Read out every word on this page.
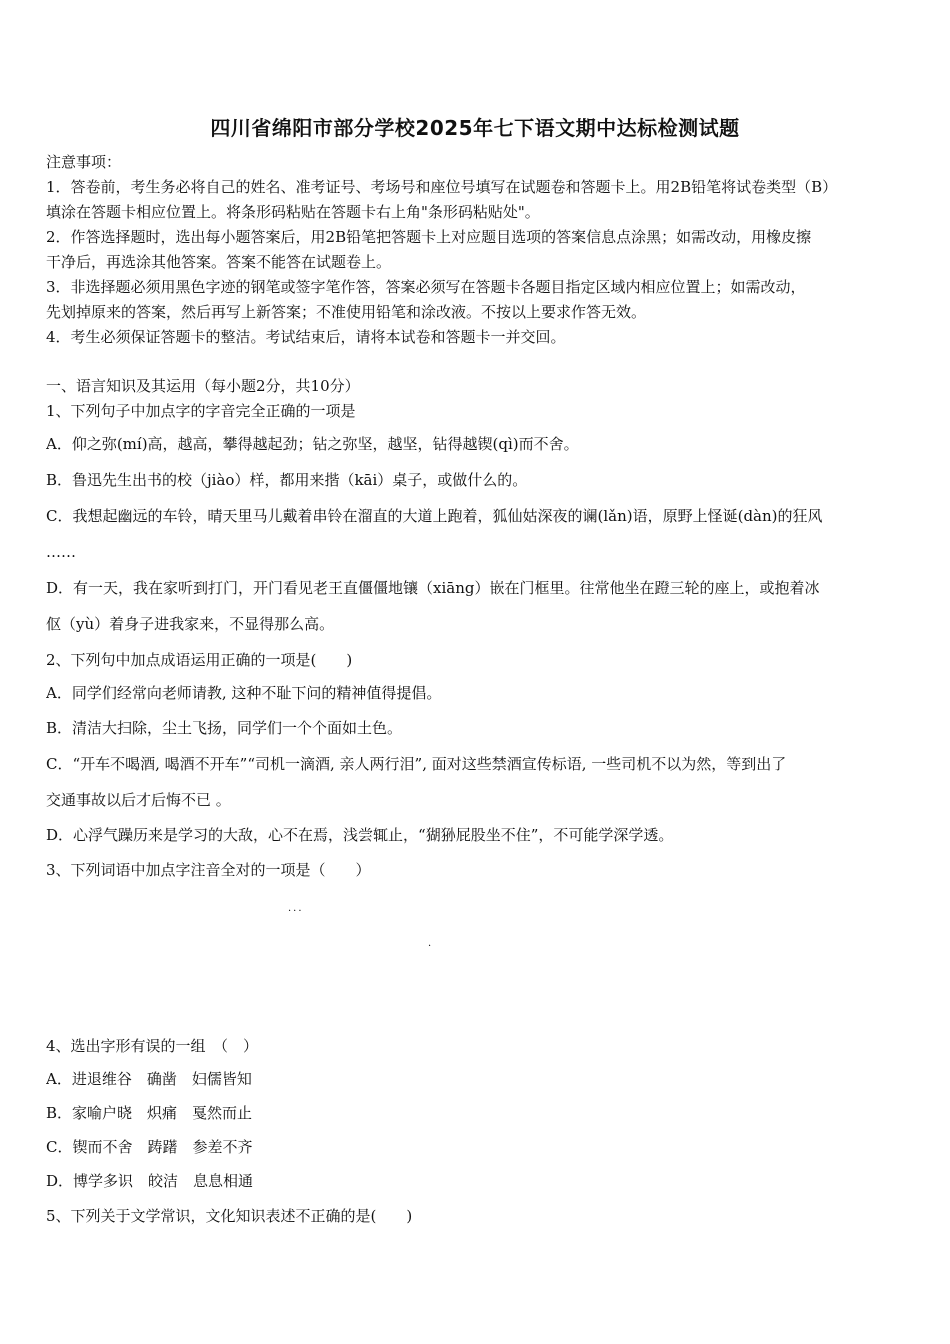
四川省绵阳市部分学校2025年七下语文期中达标检测试题
注意事项：
1．答卷前，考生务必将自己的姓名、准考证号、考场号和座位号填写在试题卷和答题卡上。用2B铅笔将试卷类型（B）
填涂在答题卡相应位置上。将条形码粘贴在答题卡右上角"条形码粘贴处"。
2．作答选择题时，选出每小题答案后，用2B铅笔把答题卡上对应题目选项的答案信息点涂黑；如需改动，用橡皮擦
干净后，再选涂其他答案。答案不能答在试题卷上。
3．非选择题必须用黑色字迹的钢笔或签字笔作答，答案必须写在答题卡各题目指定区域内相应位置上；如需改动，
先划掉原来的答案，然后再写上新答案；不准使用铅笔和涂改液。不按以上要求作答无效。
4．考生必须保证答题卡的整洁。考试结束后，请将本试卷和答题卡一并交回。
一、语言知识及其运用（每小题2分，共10分）
1、下列句子中加点字的字音完全正确的一项是
A．仰之弥(mí)高，越高，攀得越起劲；钻之弥坚，越坚，钻得越锲(qì)而不舍。
B．鲁迅先生出书的校（jiào）样，都用来揩（kāi）桌子，或做什么的。
C．我想起幽远的车铃，晴天里马儿戴着串铃在溜直的大道上跑着，狐仙姑深夜的谰(lǎn)语，原野上怪诞(dàn)的狂风
……
D．有一天，我在家听到打门，开门看见老王直僵僵地镶（xiāng）嵌在门框里。往常他坐在蹬三轮的座上，或抱着冰
伛（yù）着身子进我家来，不显得那么高。
2、下列句中加点成语运用正确的一项是(　　)
A．同学们经常向老师请教, 这种不耻下问的精神值得提倡。
B．清洁大扫除，尘土飞扬，同学们一个个面如土色。
C．“开车不喝酒, 喝酒不开车”“司机一滴酒, 亲人两行泪”, 面对这些禁酒宣传标语, 一些司机不以为然，等到出了
交通事故以后才后悔不已 。
D．心浮气躁历来是学习的大敌，心不在焉，浅尝辄止，“猢狲屁股坐不住”，不可能学深学透。
3、下列词语中加点字注音全对的一项是（　　）
···
·
4、选出字形有误的一组　（　）
A．进退维谷　确凿　妇儒皆知
B．家喻户晓　炽痛　戛然而止
C．锲而不舍　踌躇　参差不齐
D．博学多识　皎洁　息息相通
5、下列关于文学常识，文化知识表述不正确的是(　　)
